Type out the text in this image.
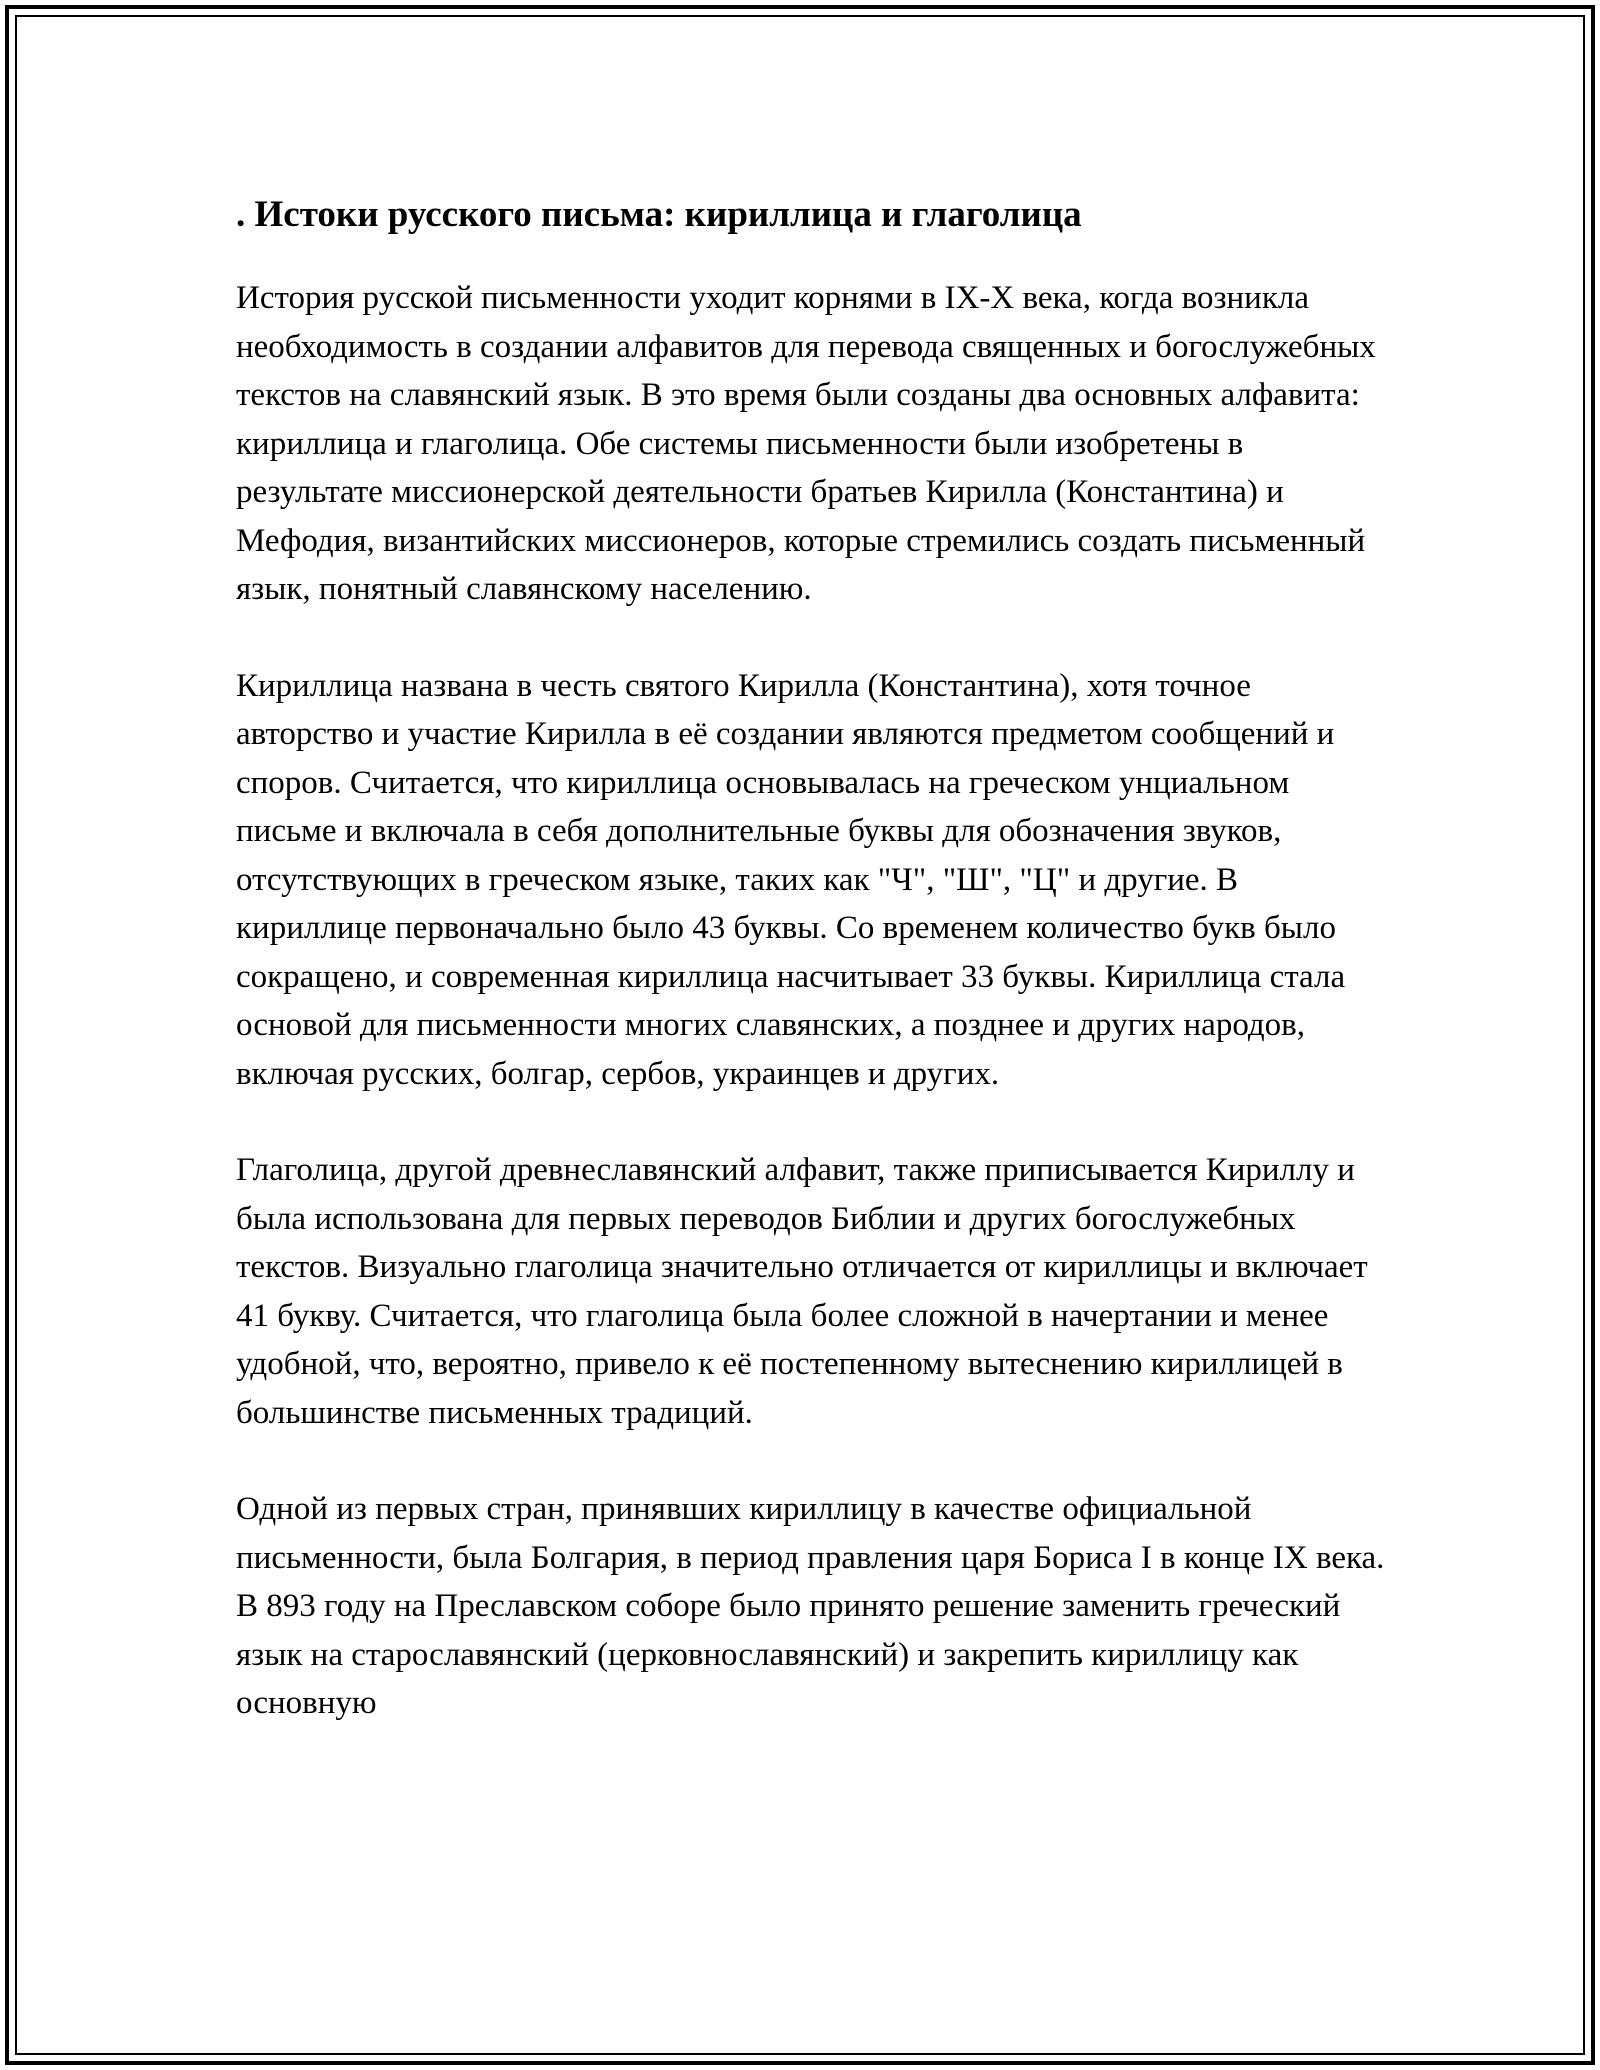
. Истоки русского письма: кириллица и глаголица

История русской письменности уходит корнями в IX-X века, когда возникла необходимость в создании алфавитов для перевода священных и богослужебных текстов на славянский язык. В это время были созданы два основных алфавита: кириллица и глаголица. Обе системы письменности были изобретены в результате миссионерской деятельности братьев Кирилла (Константина) и Мефодия, византийских миссионеров, которые стремились создать письменный язык, понятный славянскому населению.

Кириллица названа в честь святого Кирилла (Константина), хотя точное авторство и участие Кирилла в её создании являются предметом сообщений и споров. Считается, что кириллица основывалась на греческом унциальном письме и включала в себя дополнительные буквы для обозначения звуков, отсутствующих в греческом языке, таких как "Ч", "Ш", "Ц" и другие. В кириллице первоначально было 43 буквы. Со временем количество букв было сокращено, и современная кириллица насчитывает 33 буквы. Кириллица стала основой для письменности многих славянских, а позднее и других народов, включая русских, болгар, сербов, украинцев и других.

Глаголица, другой древнеславянский алфавит, также приписывается Кириллу и была использована для первых переводов Библии и других богослужебных текстов. Визуально глаголица значительно отличается от кириллицы и включает 41 букву. Считается, что глаголица была более сложной в начертании и менее удобной, что, вероятно, привело к её постепенному вытеснению кириллицей в большинстве письменных традиций.

Одной из первых стран, принявших кириллицу в качестве официальной письменности, была Болгария, в период правления царя Бориса I в конце IX века. В 893 году на Преславском соборе было принято решение заменить греческий язык на старославянский (церковнославянский) и закрепить кириллицу как основную
